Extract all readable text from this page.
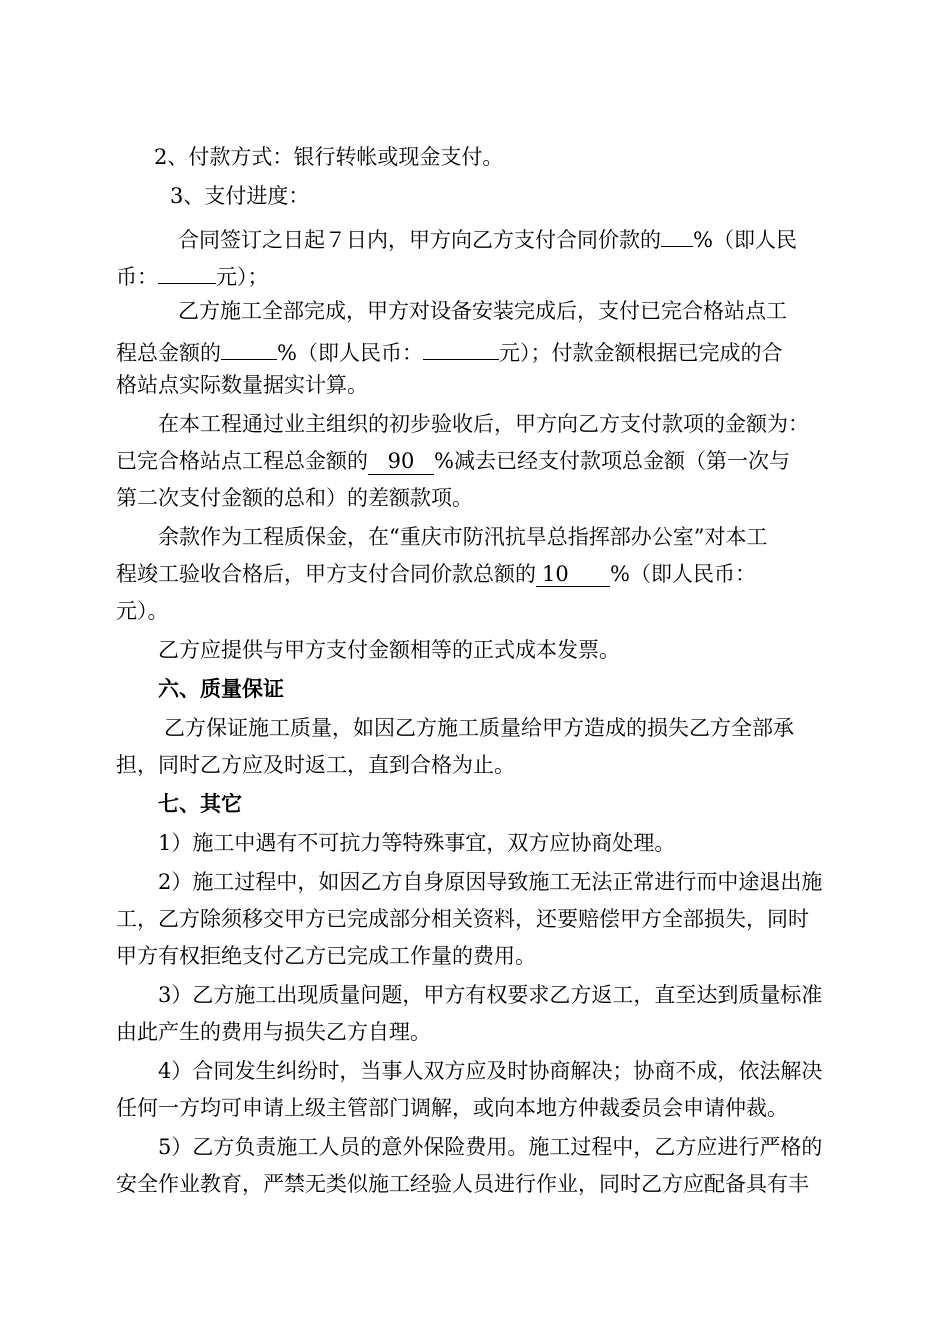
2、付款方式：银行转帐或现金支付。
3、支付进度：
合同签订之日起７日内，甲方向乙方支付合同价款的 %（即人民
币：	元）；
乙方施工全部完成，甲方对设备安装完成后，支付已完合格站点工
程总金额的	%（即人民币：	元）；付款金额根据已完成的合
格站点实际数量据实计算。
在本工程通过业主组织的初步验收后，甲方向乙方支付款项的金额为：
已完合格站点工程总金额的 90 %减去已经支付款项总金额（第一次与
第二次支付金额的总和）的差额款项。
余款作为工程质保金，在“重庆市防汛抗旱总指挥部办公室”对本工
程竣工验收合格后，甲方支付合同价款总额的 10 %（即人民币：
元）。
乙方应提供与甲方支付金额相等的正式成本发票。
六、质量保证
乙方保证施工质量，如因乙方施工质量给甲方造成的损失乙方全部承
担，同时乙方应及时返工，直到合格为止。
七、其它
1）施工中遇有不可抗力等特殊事宜，双方应协商处理。
2）施工过程中，如因乙方自身原因导致施工无法正常进行而中途退出施
工，乙方除须移交甲方已完成部分相关资料，还要赔偿甲方全部损失，同时
甲方有权拒绝支付乙方已完成工作量的费用。
3）乙方施工出现质量问题，甲方有权要求乙方返工，直至达到质量标准
由此产生的费用与损失乙方自理。
4）合同发生纠纷时，当事人双方应及时协商解决；协商不成，依法解决
任何一方均可申请上级主管部门调解，或向本地方仲裁委员会申请仲裁。
5）乙方负责施工人员的意外保险费用。施工过程中，乙方应进行严格的
安全作业教育，严禁无类似施工经验人员进行作业，同时乙方应配备具有丰
